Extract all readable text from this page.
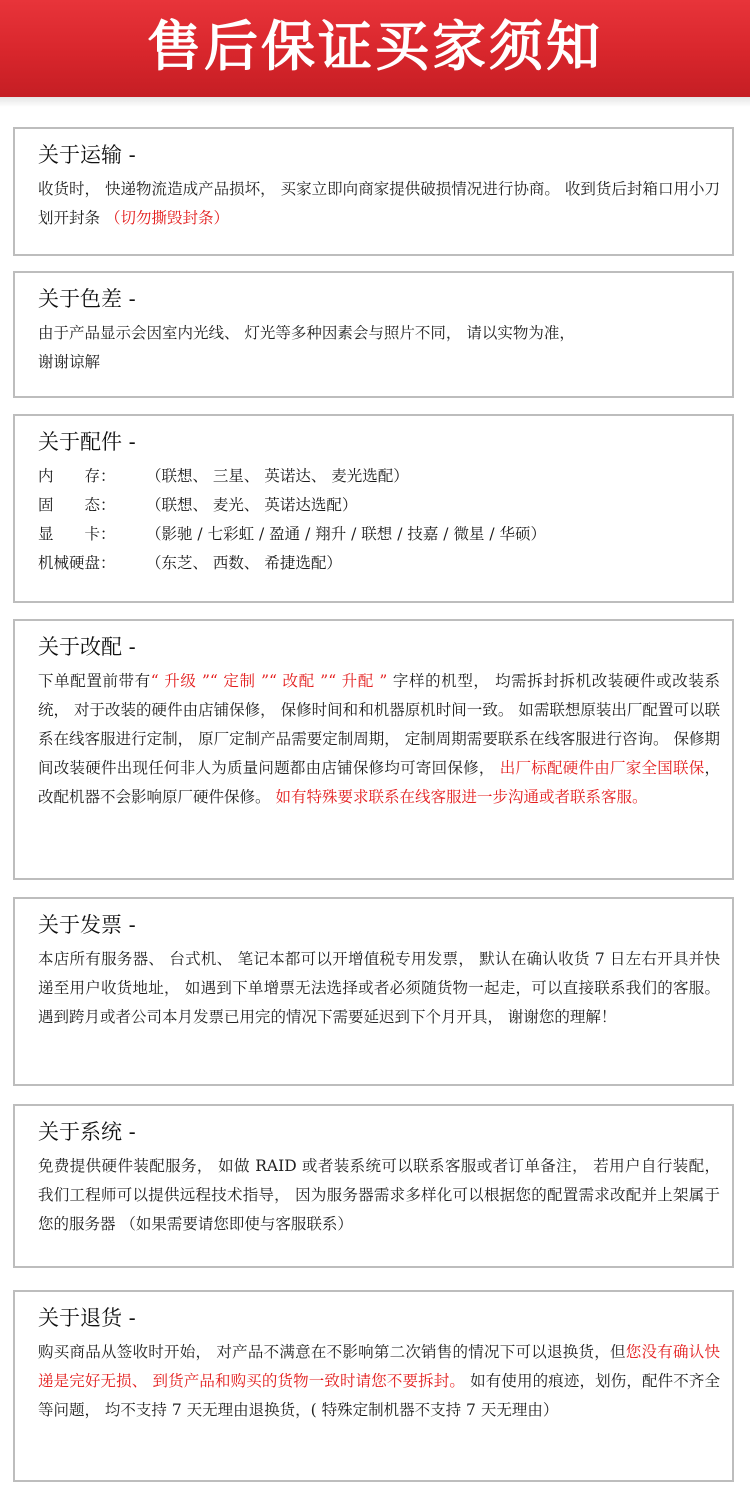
售后保证买家须知
关于运输 -

收货时， 快递物流造成产品损坏， 买家立即向商家提供破损情况进行协商。 收到货后封箱口用小刀划开封条 （切勿撕毁封条）

关于色差 -

由于产品显示会因室内光线、 灯光等多种因素会与照片不同， 请以实物为准，
谢谢谅解

关于配件 -
内　　存： （联想、 三星、 英诺达、 麦光选配）
固　　态： （联想、 麦光、 英诺达选配）
显　　卡： （影驰 / 七彩虹 / 盈通 / 翔升 / 联想 / 技嘉 / 微星 / 华硕）
机械硬盘： （东芝、 西数、 希捷选配）
关于改配 -

下单配置前带有“ 升级 ”“ 定制 ”“ 改配 ”“ 升配 ” 字样的机型， 均需拆封拆机改装硬件或改装系统， 对于改装的硬件由店铺保修， 保修时间和和机器原机时间一致。 如需联想原装出厂配置可以联系在线客服进行定制， 原厂定制产品需要定制周期， 定制周期需要联系在线客服进行咨询。 保修期间改装硬件出现任何非人为质量问题都由店铺保修均可寄回保修， 出厂标配硬件由厂家全国联保， 改配机器不会影响原厂硬件保修。 如有特殊要求联系在线客服进一步沟通或者联系客服。

关于发票 -

本店所有服务器、 台式机、 笔记本都可以开增值税专用发票， 默认在确认收货 7 日左右开具并快递至用户收货地址， 如遇到下单增票无法选择或者必须随货物一起走，可以直接联系我们的客服。 遇到跨月或者公司本月发票已用完的情况下需要延迟到下个月开具， 谢谢您的理解！

关于系统 -

免费提供硬件装配服务， 如做 RAID 或者装系统可以联系客服或者订单备注， 若用户自行装配， 我们工程师可以提供远程技术指导， 因为服务器需求多样化可以根据您的配置需求改配并上架属于您的服务器 （如果需要请您即使与客服联系）

关于退货 -

购买商品从签收时开始， 对产品不满意在不影响第二次销售的情况下可以退换货，但您没有确认快递是完好无损、 到货产品和购买的货物一致时请您不要拆封。 如有使用的痕迹，划伤，配件不齐全等问题， 均不支持 7 天无理由退换货，( 特殊定制机器不支持 7 天无理由）
